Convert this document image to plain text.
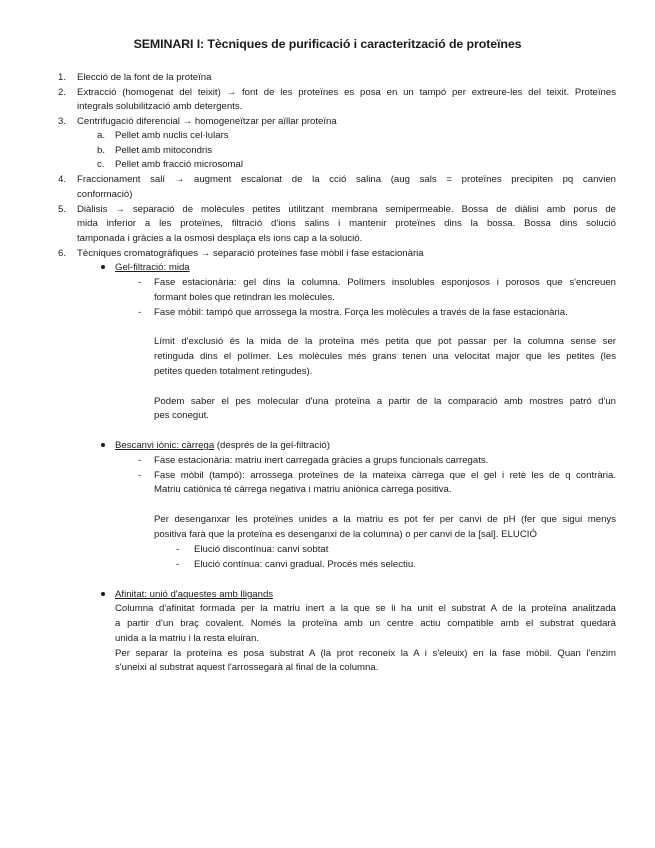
SEMINARI I: Tècniques de purificació i caracterització de proteïnes
1. Elecció de la font de la proteïna
2. Extracció (homogenat del teixit) → font de les proteïnes es posa en un tampó per extreure-les del teixit. Proteïnes
integrals solubilització amb detergents.
3. Centrifugació diferencial → homogeneïtzar per aïllar proteïna
a. Pellet amb nuclis cel·lulars
b. Pellet amb mitocondris
c. Pellet amb fracció microsomal
4. Fraccionament salí → augment escalonat de la cció salina (aug sals = proteïnes precipiten pq canvien
conformació)
5. Diàlisis → separació de molècules petites utilitzant membrana semipermeable. Bossa de diàlisi amb porus de
mida inferior a les proteïnes, filtració d'ions salins i mantenir proteïnes dins la bossa. Bossa dins solució
tamponada i gràcies a la osmosi desplaça els ions cap a la solució.
6. Tècniques cromatogràfiques → separació proteïnes fase mòbil i fase estacionària
Gel-filtració: mida
- Fase estacionària: gel dins la columna. Polímers insolubles esponjosos i porosos que s'encreuen
formant boles que retindran les molècules.
- Fase mòbil: tampó que arrossega la mostra. Força les molècules a través de la fase estacionària.
Límit d'exclusió és la mida de la proteïna més petita que pot passar per la columna sense ser
retinguda dins el polímer. Les molècules més grans tenen una velocitat major que les petites (les
petites queden totalment retingudes).
Podem saber el pes molecular d'una proteïna a partir de la comparació amb mostres patró d'un
pes conegut.
Bescanvi iònic: càrrega (després de la gel-filtració)
- Fase estacionària: matriu inert carregada gràcies a grups funcionals carregats.
- Fase mòbil (tampó): arrossega proteïnes de la mateixa càrrega que el gel i retè les de q contrària.
Matriu catiònica té càrrega negativa i matriu aniònica càrrega positiva.
Per desenganxar les proteïnes unides a la matriu es pot fer per canvi de pH (fer que sigui menys
positiva farà que la proteïna es desenganxi de la columna) o per canvi de la [sal]. ELUCIÓ
- Elució discontínua: canvi sobtat
- Elució contínua: canvi gradual. Procés més selectiu.
Afinitat: unió d'aquestes amb lligands
Columna d'afinitat formada per la matriu inert a la que se li ha unit el substrat A de la proteïna analitzada
a partir d'un braç covalent. Només la proteïna amb un centre actiu compatible amb el substrat quedarà
unida a la matriu i la resta eluiran.
Per separar la proteïna es posa substrat A (la prot reconeix la A i s'eleuix) en la fase mòbil. Quan l'enzim
s'uneixi al substrat aquest l'arrossegarà al final de la columna.
